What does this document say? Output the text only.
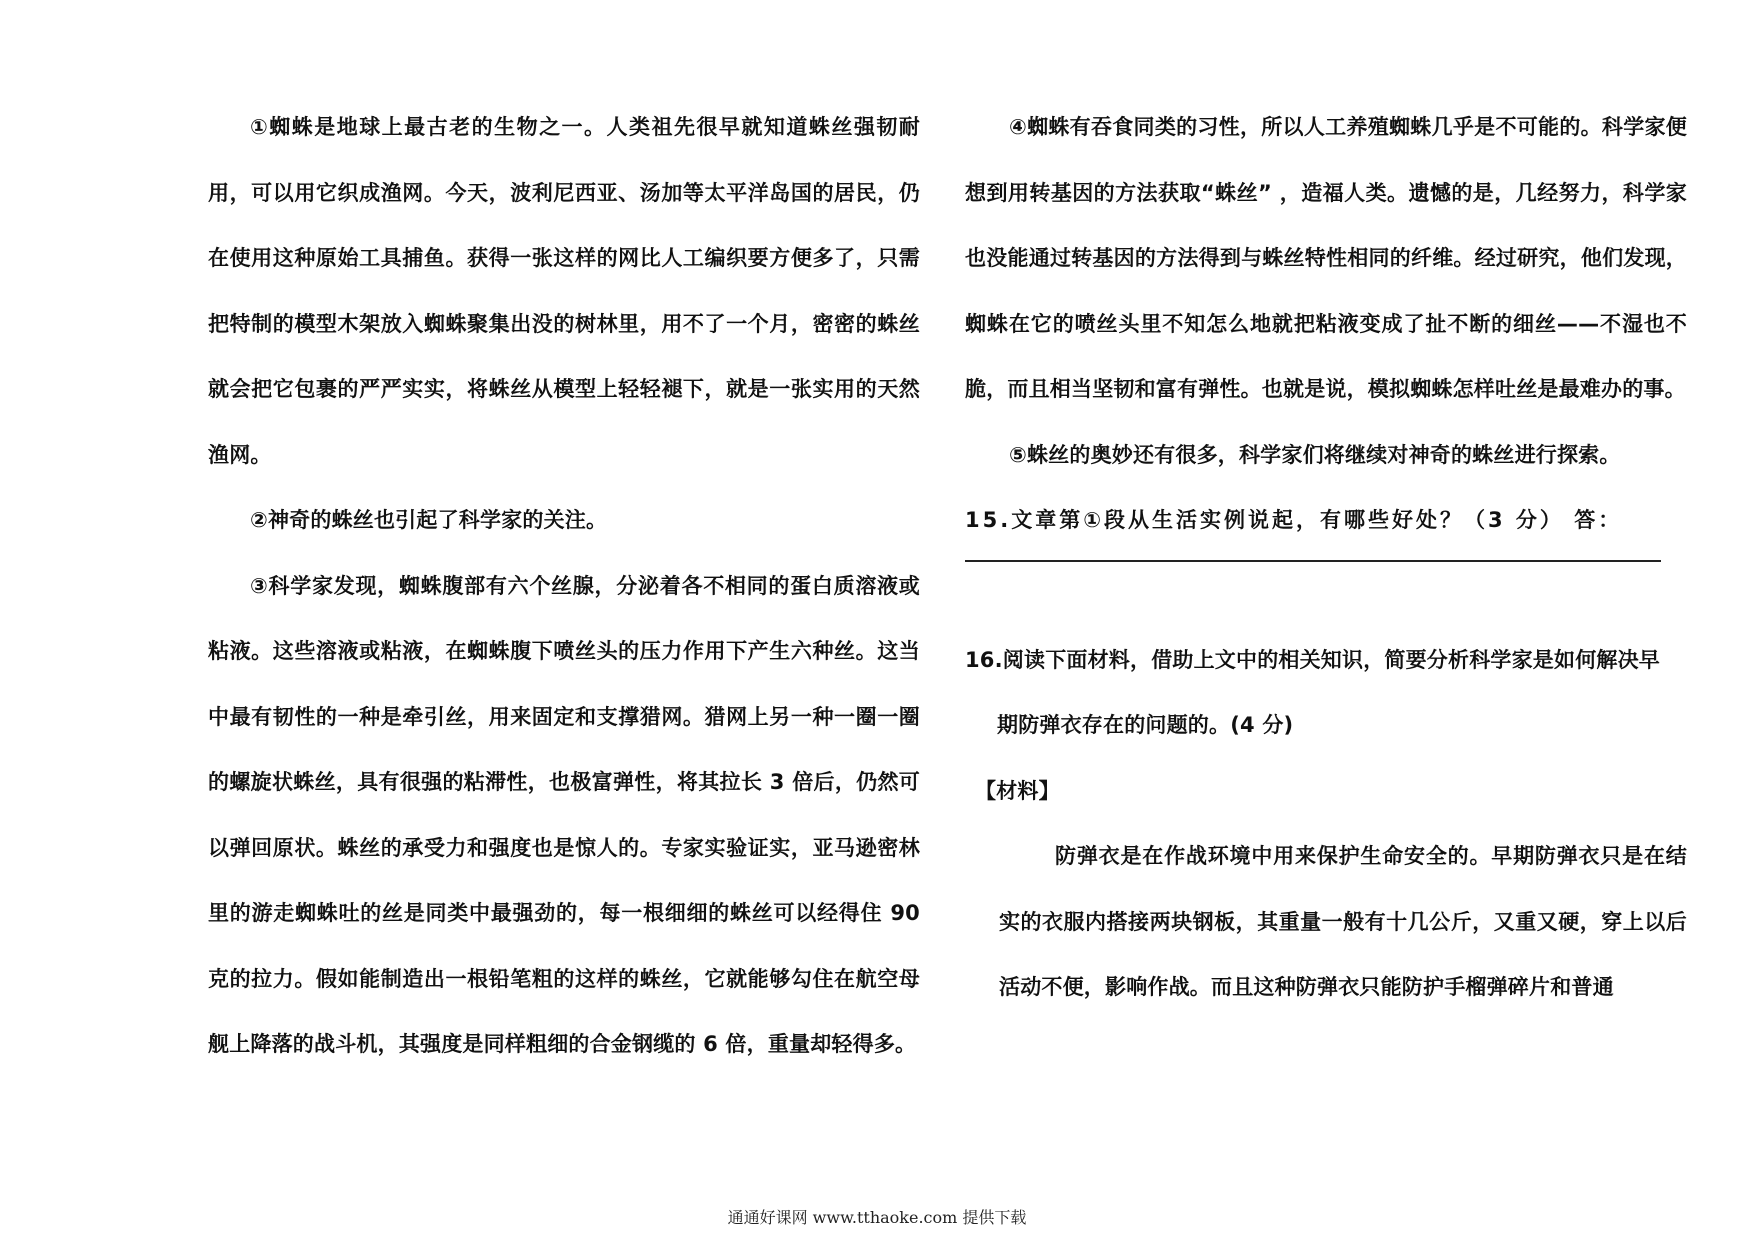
①蜘蛛是地球上最古老的生物之一。人类祖先很早就知道蛛丝强韧耐用，可以用它织成渔网。今天，波利尼西亚、汤加等太平洋岛国的居民，仍在使用这种原始工具捕鱼。获得一张这样的网比人工编织要方便多了，只需把特制的模型木架放入蜘蛛聚集出没的树林里，用不了一个月，密密的蛛丝就会把它包裹的严严实实，将蛛丝从模型上轻轻褪下，就是一张实用的天然渔网。

②神奇的蛛丝也引起了科学家的关注。

③科学家发现，蜘蛛腹部有六个丝腺，分泌着各不相同的蛋白质溶液或粘液。这些溶液或粘液，在蜘蛛腹下喷丝头的压力作用下产生六种丝。这当中最有韧性的一种是牵引丝，用来固定和支撑猎网。猎网上另一种一圈一圈的螺旋状蛛丝，具有很强的粘滞性，也极富弹性，将其拉长 3 倍后，仍然可以弹回原状。蛛丝的承受力和强度也是惊人的。专家实验证实，亚马逊密林里的游走蜘蛛吐的丝是同类中最强劲的，每一根细细的蛛丝可以经得住 90 克的拉力。假如能制造出一根铅笔粗的这样的蛛丝，它就能够勾住在航空母舰上降落的战斗机，其强度是同样粗细的合金钢缆的 6 倍，重量却轻得多。

④蜘蛛有吞食同类的习性，所以人工养殖蜘蛛几乎是不可能的。科学家便想到用转基因的方法获取“蛛丝” ，造福人类。遗憾的是，几经努力，科学家也没能通过转基因的方法得到与蛛丝特性相同的纤维。经过研究，他们发现，蜘蛛在它的喷丝头里不知怎么地就把粘液变成了扯不断的细丝——不湿也不脆，而且相当坚韧和富有弹性。也就是说，模拟蜘蛛怎样吐丝是最难办的事。

⑤蛛丝的奥妙还有很多，科学家们将继续对神奇的蛛丝进行探索。

15.文章第①段从生活实例说起，有哪些好处？（3 分） 答：

16.阅读下面材料，借助上文中的相关知识，简要分析科学家是如何解决早

期防弹衣存在的问题的。(4 分)

【材料】

防弹衣是在作战环境中用来保护生命安全的。早期防弹衣只是在结实的衣服内搭接两块钢板，其重量一般有十几公斤，又重又硬，穿上以后活动不便，影响作战。而且这种防弹衣只能防护手榴弹碎片和普通

通通好课网 www.tthaoke.com 提供下载
